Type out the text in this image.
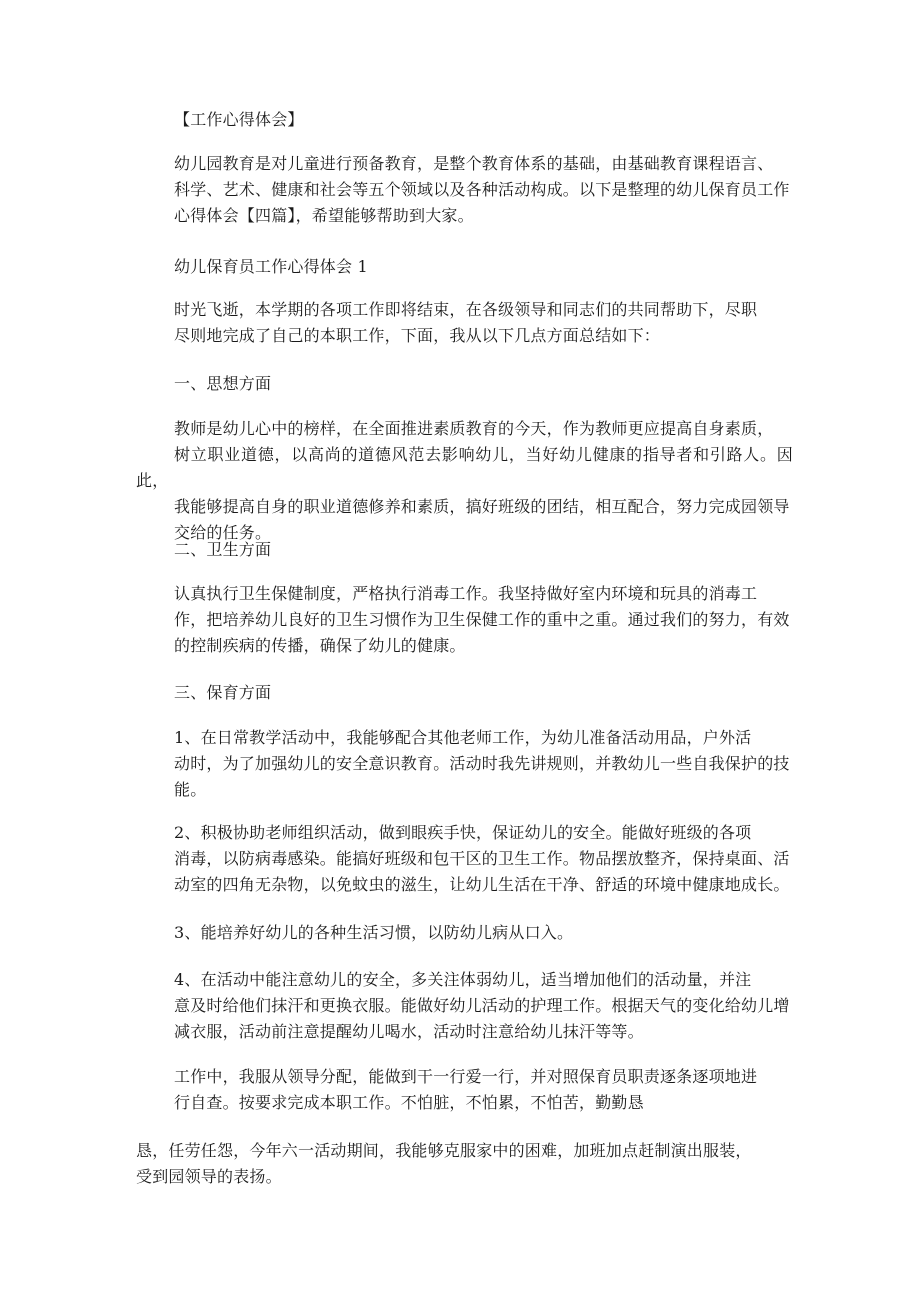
【工作心得体会】
幼儿园教育是对儿童进行预备教育，是整个教育体系的基础，由基础教育课程语言、
科学、艺术、健康和社会等五个领域以及各种活动构成。以下是整理的幼儿保育员工作
心得体会【四篇】，希望能够帮助到大家。
幼儿保育员工作心得体会 1
时光飞逝，本学期的各项工作即将结束，在各级领导和同志们的共同帮助下，尽职
尽则地完成了自己的本职工作，下面，我从以下几点方面总结如下：
一、思想方面
教师是幼儿心中的榜样，在全面推进素质教育的今天，作为教师更应提高自身素质，
树立职业道德，以高尚的道德风范去影响幼儿，当好幼儿健康的指导者和引路人。因此，
我能够提高自身的职业道德修养和素质，搞好班级的团结，相互配合，努力完成园领导
交给的任务。
二、卫生方面
认真执行卫生保健制度，严格执行消毒工作。我坚持做好室内环境和玩具的消毒工
作，把培养幼儿良好的卫生习惯作为卫生保健工作的重中之重。通过我们的努力，有效
的控制疾病的传播，确保了幼儿的健康。
三、保育方面
1、在日常教学活动中，我能够配合其他老师工作，为幼儿准备活动用品，户外活
动时，为了加强幼儿的安全意识教育。活动时我先讲规则，并教幼儿一些自我保护的技
能。
2、积极协助老师组织活动，做到眼疾手快，保证幼儿的安全。能做好班级的各项
消毒，以防病毒感染。能搞好班级和包干区的卫生工作。物品摆放整齐，保持桌面、活
动室的四角无杂物，以免蚊虫的滋生，让幼儿生活在干净、舒适的环境中健康地成长。
3、能培养好幼儿的各种生活习惯，以防幼儿病从口入。
4、在活动中能注意幼儿的安全，多关注体弱幼儿，适当增加他们的活动量，并注
意及时给他们抹汗和更换衣服。能做好幼儿活动的护理工作。根据天气的变化给幼儿增
减衣服，活动前注意提醒幼儿喝水，活动时注意给幼儿抹汗等等。
工作中，我服从领导分配，能做到干一行爱一行，并对照保育员职责逐条逐项地进
行自查。按要求完成本职工作。不怕脏，不怕累，不怕苦，勤勤恳
恳，任劳任怨，今年六一活动期间，我能够克服家中的困难，加班加点赶制演出服装，
受到园领导的表扬。
